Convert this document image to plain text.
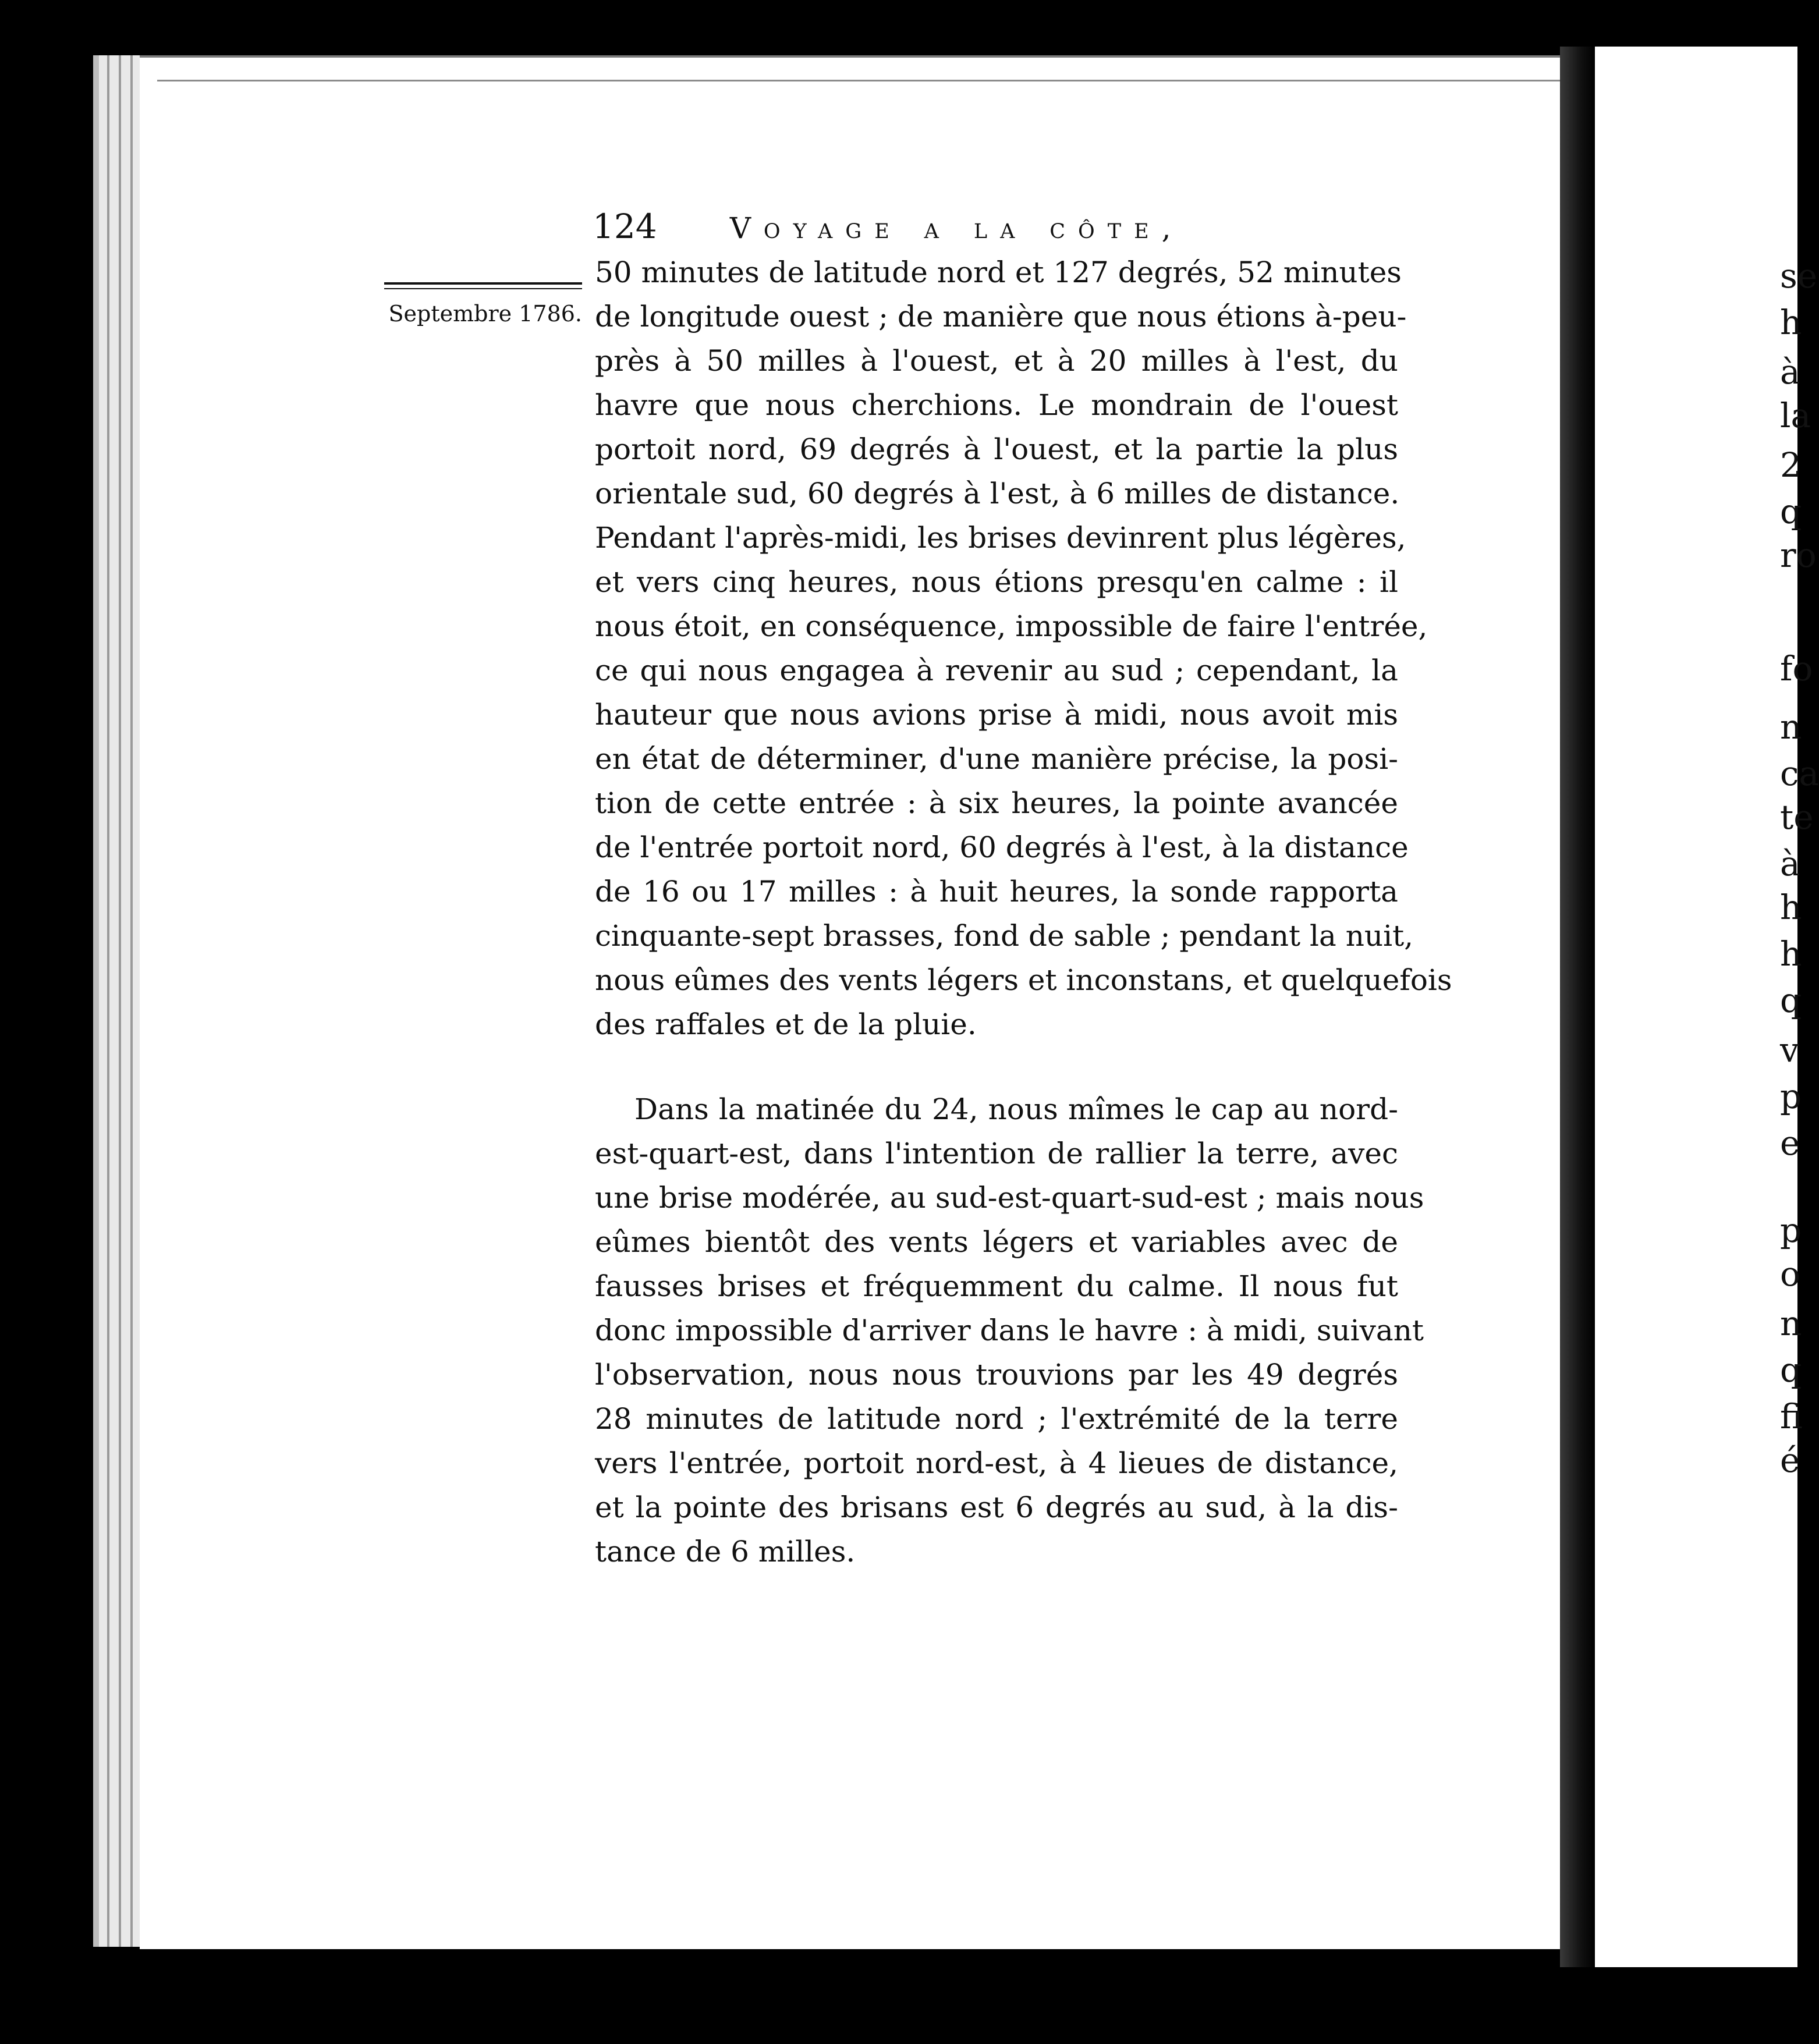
se
h
à
la
2
q
ro
fo
n
ca
te
à
h
h
q
v
p
e
p
o
n
q
fi
é
124	Voyage a la côte,
Septembre 1786.

50 minutes de latitude nord et 127 degrés, 52 minutes

de longitude ouest ; de manière que nous étions à-peu-

près à 50 milles à l'ouest, et à 20 milles à l'est, du

havre que nous cherchions. Le mondrain de l'ouest

portoit nord, 69 degrés à l'ouest, et la partie la plus

orientale sud, 60 degrés à l'est, à 6 milles de distance.

Pendant l'après-midi, les brises devinrent plus légères,

et vers cinq heures, nous étions presqu'en calme : il

nous étoit, en conséquence, impossible de faire l'entrée,

ce qui nous engagea à revenir au sud ; cependant, la

hauteur que nous avions prise à midi, nous avoit mis

en état de déterminer, d'une manière précise, la posi-

tion de cette entrée : à six heures, la pointe avancée

de l'entrée portoit nord, 60 degrés à l'est, à la distance

de 16 ou 17 milles : à huit heures, la sonde rapporta

cinquante-sept brasses, fond de sable ; pendant la nuit,

nous eûmes des vents légers et inconstans, et quelquefois

des raffales et de la pluie.

Dans la matinée du 24, nous mîmes le cap au nord-

est-quart-est, dans l'intention de rallier la terre, avec

une brise modérée, au sud-est-quart-sud-est ; mais nous

eûmes bientôt des vents légers et variables avec de

fausses brises et fréquemment du calme. Il nous fut

donc impossible d'arriver dans le havre : à midi, suivant

l'observation, nous nous trouvions par les 49 degrés

28 minutes de latitude nord ; l'extrémité de la terre

vers l'entrée, portoit nord-est, à 4 lieues de distance,

et la pointe des brisans est 6 degrés au sud, à la dis-

tance de 6 milles.
